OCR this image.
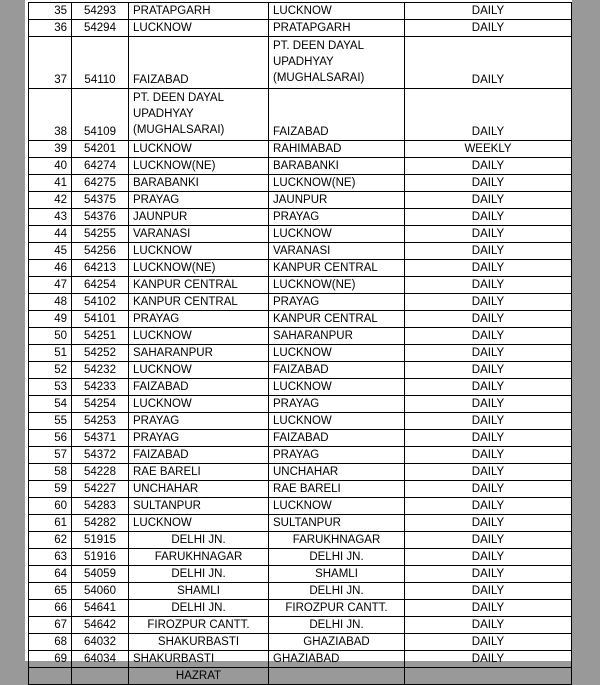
35	54293	PRATAPGARH	LUCKNOW	DAILY
36	54294	LUCKNOW	PRATAPGARH	DAILY
37	54110	FAIZABAD	PT. DEEN DAYAL UPADHYAY (MUGHALSARAI)	DAILY
38	54109	PT. DEEN DAYAL UPADHYAY (MUGHALSARAI)	FAIZABAD	DAILY
39	54201	LUCKNOW	RAHIMABAD	WEEKLY
40	64274	LUCKNOW(NE)	BARABANKI	DAILY
41	64275	BARABANKI	LUCKNOW(NE)	DAILY
42	54375	PRAYAG	JAUNPUR	DAILY
43	54376	JAUNPUR	PRAYAG	DAILY
44	54255	VARANASI	LUCKNOW	DAILY
45	54256	LUCKNOW	VARANASI	DAILY
46	64213	LUCKNOW(NE)	KANPUR CENTRAL	DAILY
47	64254	KANPUR CENTRAL	LUCKNOW(NE)	DAILY
48	54102	KANPUR CENTRAL	PRAYAG	DAILY
49	54101	PRAYAG	KANPUR CENTRAL	DAILY
50	54251	LUCKNOW	SAHARANPUR	DAILY
51	54252	SAHARANPUR	LUCKNOW	DAILY
52	54232	LUCKNOW	FAIZABAD	DAILY
53	54233	FAIZABAD	LUCKNOW	DAILY
54	54254	LUCKNOW	PRAYAG	DAILY
55	54253	PRAYAG	LUCKNOW	DAILY
56	54371	PRAYAG	FAIZABAD	DAILY
57	54372	FAIZABAD	PRAYAG	DAILY
58	54228	RAE BARELI	UNCHAHAR	DAILY
59	54227	UNCHAHAR	RAE BARELI	DAILY
60	54283	SULTANPUR	LUCKNOW	DAILY
61	54282	LUCKNOW	SULTANPUR	DAILY
62	51915	DELHI JN.	FARUKHNAGAR	DAILY
63	51916	FARUKHNAGAR	DELHI JN.	DAILY
64	54059	DELHI JN.	SHAMLI	DAILY
65	54060	SHAMLI	DELHI JN.	DAILY
66	54641	DELHI JN.	FIROZPUR CANTT.	DAILY
67	54642	FIROZPUR CANTT.	DELHI JN.	DAILY
68	64032	SHAKURBASTI	GHAZIABAD	DAILY
69	64034	SHAKURBASTI	GHAZIABAD	DAILY
		HAZRAT		
